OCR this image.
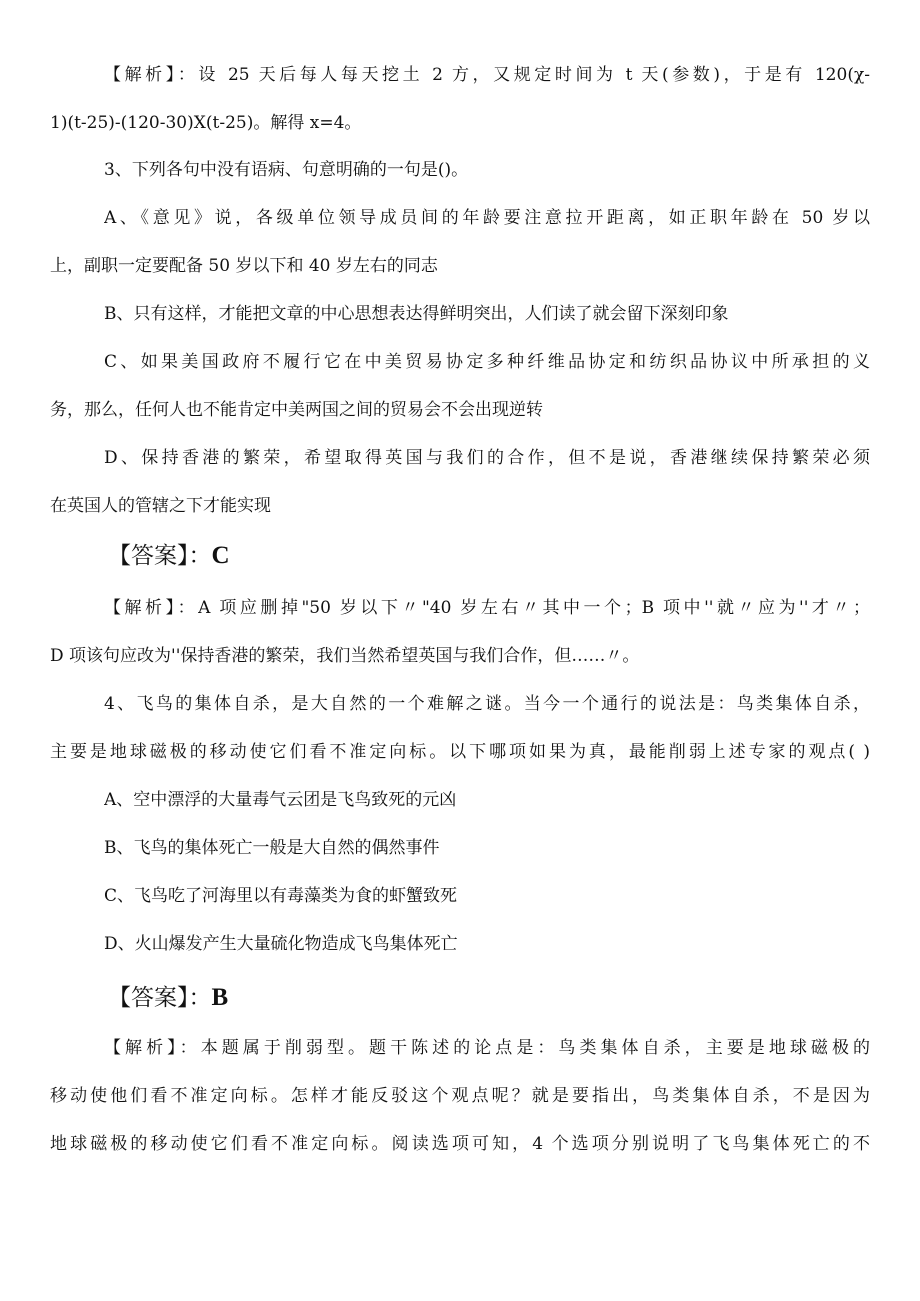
【解析】：设 25 天后每人每天挖土 2 方，又规定时间为 t 天(参数)，于是有 120(χ-
1)(t-25)-(120-30)X(t-25)。解得 x=4。
3、下列各句中没有语病、句意明确的一句是()。
A、《意见》说，各级单位领导成员间的年龄要注意拉开距离，如正职年龄在 50 岁以
上，副职一定要配备 50 岁以下和 40 岁左右的同志
B、只有这样，才能把文章的中心思想表达得鲜明突出，人们读了就会留下深刻印象
C、如果美国政府不履行它在中美贸易协定多种纤维品协定和纺织品协议中所承担的义
务，那么，任何人也不能肯定中美两国之间的贸易会不会出现逆转
D、保持香港的繁荣，希望取得英国与我们的合作，但不是说，香港继续保持繁荣必须
在英国人的管辖之下才能实现
【答案】：C
【解析】：A 项应删掉"50 岁以下〃"40 岁左右〃其中一个；B 项中''就〃应为''才〃；
D 项该句应改为''保持香港的繁荣，我们当然希望英国与我们合作，但……〃。
4、飞鸟的集体自杀，是大自然的一个难解之谜。当今一个通行的说法是：鸟类集体自杀，
主要是地球磁极的移动使它们看不准定向标。以下哪项如果为真，最能削弱上述专家的观点( )
A、空中漂浮的大量毒气云团是飞鸟致死的元凶
B、飞鸟的集体死亡一般是大自然的偶然事件
C、飞鸟吃了河海里以有毒藻类为食的虾蟹致死
D、火山爆发产生大量硫化物造成飞鸟集体死亡
【答案】：B
【解析】：本题属于削弱型。题干陈述的论点是：鸟类集体自杀，主要是地球磁极的
移动使他们看不准定向标。怎样才能反驳这个观点呢？就是要指出，鸟类集体自杀，不是因为
地球磁极的移动使它们看不准定向标。阅读选项可知，4 个选项分别说明了飞鸟集体死亡的不
